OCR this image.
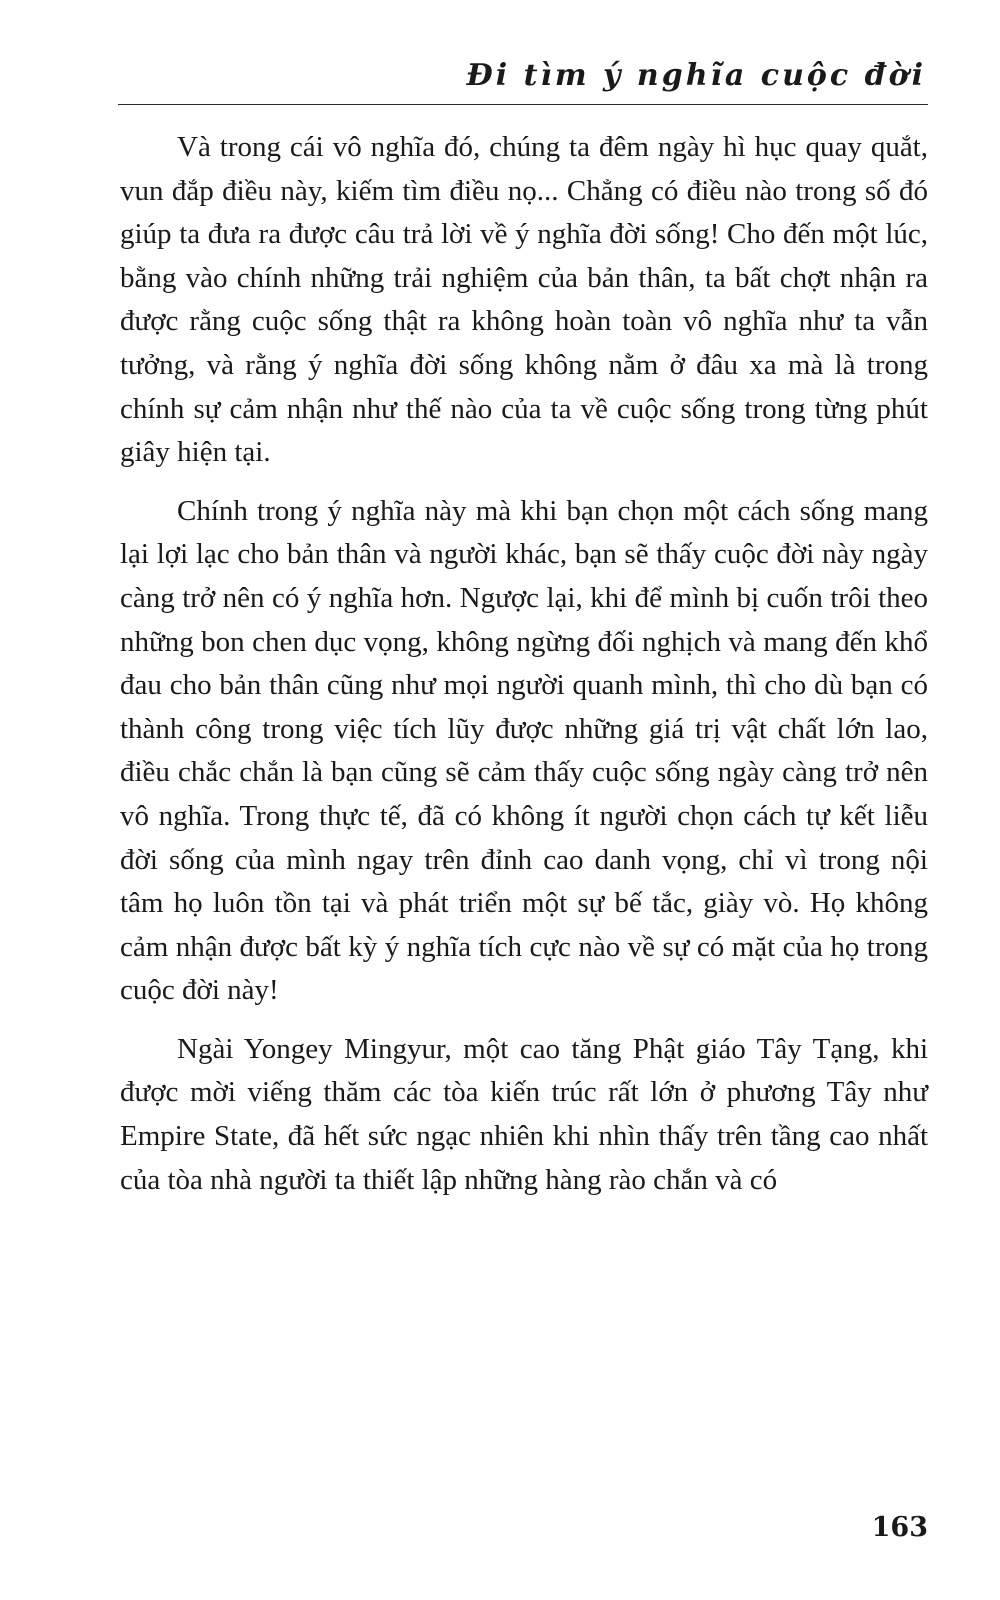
Đi tìm ý nghĩa cuộc đời

Và trong cái vô nghĩa đó, chúng ta đêm ngày hì hục quay quắt, vun đắp điều này, kiếm tìm điều nọ... Chẳng có điều nào trong số đó giúp ta đưa ra được câu trả lời về ý nghĩa đời sống! Cho đến một lúc, bằng vào chính những trải nghiệm của bản thân, ta bất chợt nhận ra được rằng cuộc sống thật ra không hoàn toàn vô nghĩa như ta vẫn tưởng, và rằng ý nghĩa đời sống không nằm ở đâu xa mà là trong chính sự cảm nhận như thế nào của ta về cuộc sống trong từng phút giây hiện tại.

Chính trong ý nghĩa này mà khi bạn chọn một cách sống mang lại lợi lạc cho bản thân và người khác, bạn sẽ thấy cuộc đời này ngày càng trở nên có ý nghĩa hơn. Ngược lại, khi để mình bị cuốn trôi theo những bon chen dục vọng, không ngừng đối nghịch và mang đến khổ đau cho bản thân cũng như mọi người quanh mình, thì cho dù bạn có thành công trong việc tích lũy được những giá trị vật chất lớn lao, điều chắc chắn là bạn cũng sẽ cảm thấy cuộc sống ngày càng trở nên vô nghĩa. Trong thực tế, đã có không ít người chọn cách tự kết liễu đời sống của mình ngay trên đỉnh cao danh vọng, chỉ vì trong nội tâm họ luôn tồn tại và phát triển một sự bế tắc, giày vò. Họ không cảm nhận được bất kỳ ý nghĩa tích cực nào về sự có mặt của họ trong cuộc đời này!

Ngài Yongey Mingyur, một cao tăng Phật giáo Tây Tạng, khi được mời viếng thăm các tòa kiến trúc rất lớn ở phương Tây như Empire State, đã hết sức ngạc nhiên khi nhìn thấy trên tầng cao nhất của tòa nhà người ta thiết lập những hàng rào chắn và có

163
